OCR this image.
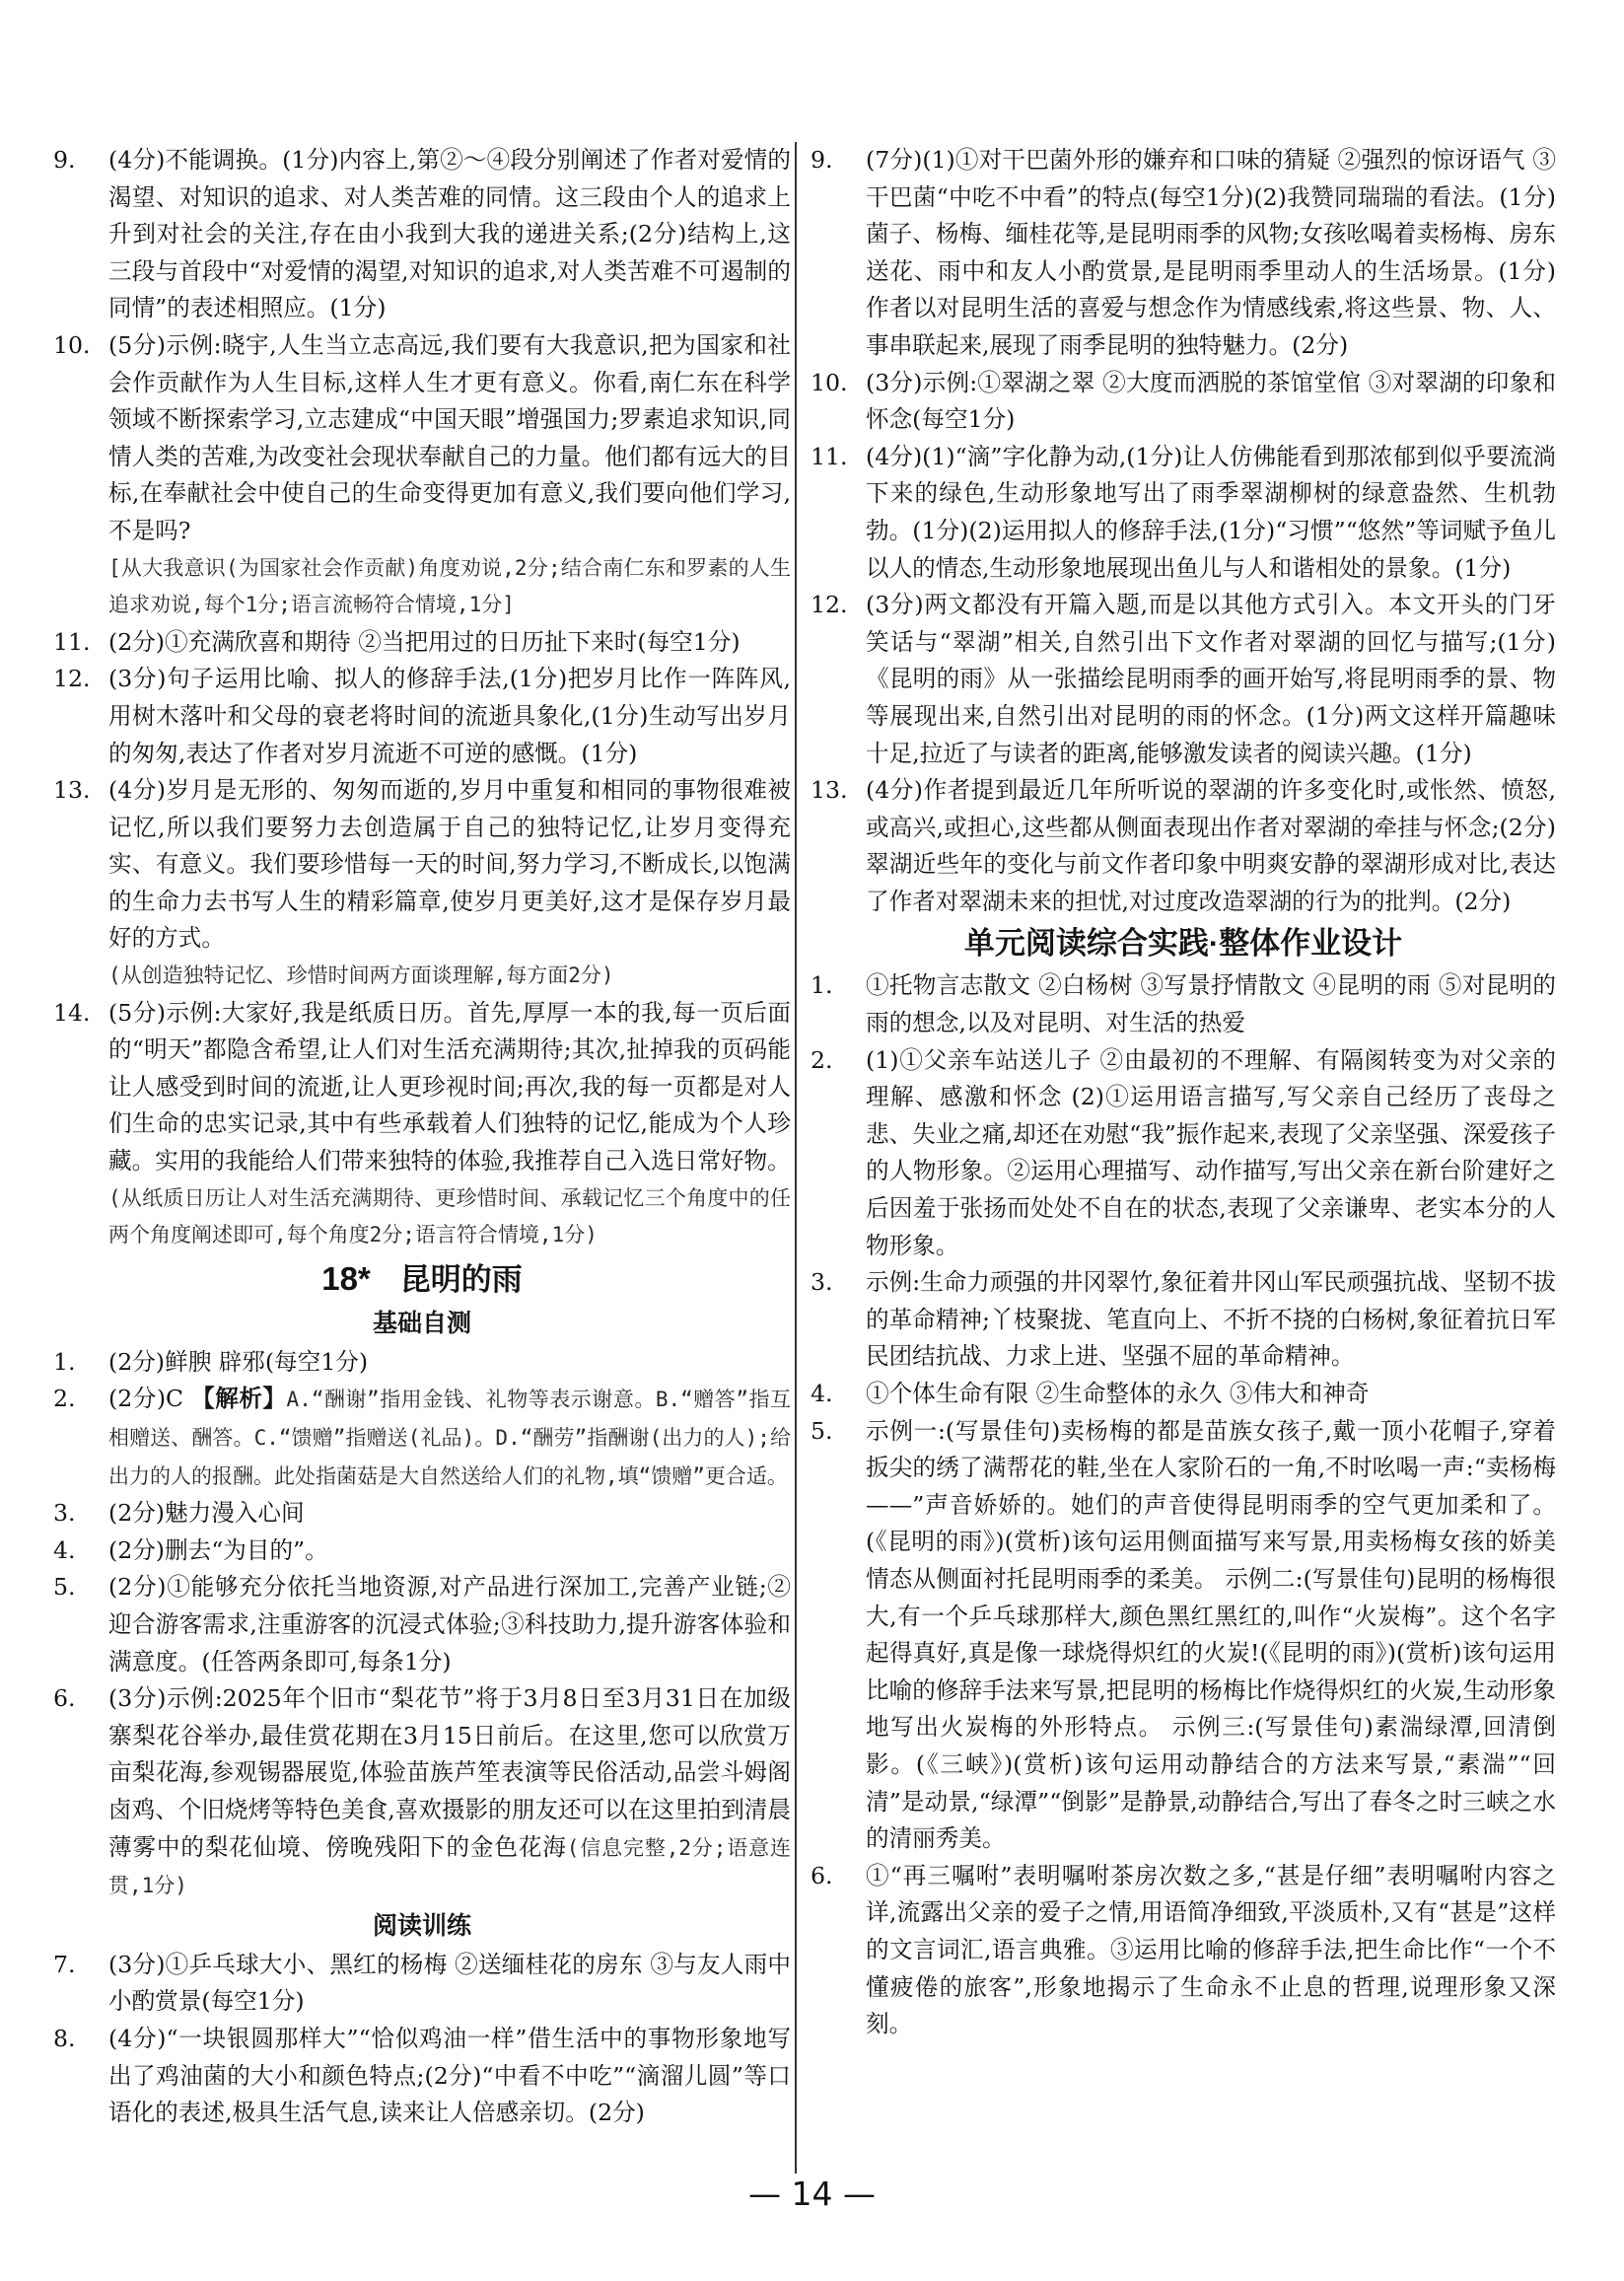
9. (4分)不能调换。(1分)内容上,第②～④段分别阐述了作者对爱情的渴望、对知识的追求、对人类苦难的同情。这三段由个人的追求上升到对社会的关注,存在由小我到大我的递进关系;(2分)结构上,这三段与首段中“对爱情的渴望,对知识的追求,对人类苦难不可遏制的同情”的表述相照应。(1分)

10. (5分)示例:晓宇,人生当立志高远,我们要有大我意识,把为国家和社会作贡献作为人生目标,这样人生才更有意义。你看,南仁东在科学领域不断探索学习,立志建成“中国天眼”增强国力;罗素追求知识,同情人类的苦难,为改变社会现状奉献自己的力量。他们都有远大的目标,在奉献社会中使自己的生命变得更加有意义,我们要向他们学习,不是吗?

[从大我意识(为国家社会作贡献)角度劝说,2分;结合南仁东和罗素的人生追求劝说,每个1分;语言流畅符合情境,1分]

11. (2分)①充满欣喜和期待 ②当把用过的日历扯下来时(每空1分)

12. (3分)句子运用比喻、拟人的修辞手法,(1分)把岁月比作一阵阵风,用树木落叶和父母的衰老将时间的流逝具象化,(1分)生动写出岁月的匆匆,表达了作者对岁月流逝不可逆的感慨。(1分)

13. (4分)岁月是无形的、匆匆而逝的,岁月中重复和相同的事物很难被记忆,所以我们要努力去创造属于自己的独特记忆,让岁月变得充实、有意义。我们要珍惜每一天的时间,努力学习,不断成长,以饱满的生命力去书写人生的精彩篇章,使岁月更美好,这才是保存岁月最好的方式。

(从创造独特记忆、珍惜时间两方面谈理解,每方面2分)

14. (5分)示例:大家好,我是纸质日历。首先,厚厚一本的我,每一页后面的“明天”都隐含希望,让人们对生活充满期待;其次,扯掉我的页码能让人感受到时间的流逝,让人更珍视时间;再次,我的每一页都是对人们生命的忠实记录,其中有些承载着人们独特的记忆,能成为个人珍藏。实用的我能给人们带来独特的体验,我推荐自己入选日常好物。

(从纸质日历让人对生活充满期待、更珍惜时间、承载记忆三个角度中的任两个角度阐述即可,每个角度2分;语言符合情境,1分)

18* 昆明的雨
基础自测
1. (2分)鲜腴 辟邪(每空1分)

2. (2分)C 【解析】A.“酬谢”指用金钱、礼物等表示谢意。B.“赠答”指互相赠送、酬答。C.“馈赠”指赠送(礼品)。D.“酬劳”指酬谢(出力的人);给出力的人的报酬。此处指菌菇是大自然送给人们的礼物,填“馈赠”更合适。

3. (2分)魅力漫入心间

4. (2分)删去“为目的”。

5. (2分)①能够充分依托当地资源,对产品进行深加工,完善产业链;②迎合游客需求,注重游客的沉浸式体验;③科技助力,提升游客体验和满意度。(任答两条即可,每条1分)

6. (3分)示例:2025年个旧市“梨花节”将于3月8日至3月31日在加级寨梨花谷举办,最佳赏花期在3月15日前后。在这里,您可以欣赏万亩梨花海,参观锡器展览,体验苗族芦笙表演等民俗活动,品尝斗姆阁卤鸡、个旧烧烤等特色美食,喜欢摄影的朋友还可以在这里拍到清晨薄雾中的梨花仙境、傍晚残阳下的金色花海(信息完整,2分;语意连贯,1分)

阅读训练
7. (3分)①乒乓球大小、黑红的杨梅 ②送缅桂花的房东 ③与友人雨中小酌赏景(每空1分)

8. (4分)“一块银圆那样大”“恰似鸡油一样”借生活中的事物形象地写出了鸡油菌的大小和颜色特点;(2分)“中看不中吃”“滴溜儿圆”等口语化的表述,极具生活气息,读来让人倍感亲切。(2分)

9. (7分)(1)①对干巴菌外形的嫌弃和口味的猜疑 ②强烈的惊讶语气 ③干巴菌“中吃不中看”的特点(每空1分)(2)我赞同瑞瑞的看法。(1分)菌子、杨梅、缅桂花等,是昆明雨季的风物;女孩吆喝着卖杨梅、房东送花、雨中和友人小酌赏景,是昆明雨季里动人的生活场景。(1分)作者以对昆明生活的喜爱与想念作为情感线索,将这些景、物、人、事串联起来,展现了雨季昆明的独特魅力。(2分)

10. (3分)示例:①翠湖之翠 ②大度而洒脱的茶馆堂倌 ③对翠湖的印象和怀念(每空1分)

11. (4分)(1)“滴”字化静为动,(1分)让人仿佛能看到那浓郁到似乎要流淌下来的绿色,生动形象地写出了雨季翠湖柳树的绿意盎然、生机勃勃。(1分)(2)运用拟人的修辞手法,(1分)“习惯”“悠然”等词赋予鱼儿以人的情态,生动形象地展现出鱼儿与人和谐相处的景象。(1分)

12. (3分)两文都没有开篇入题,而是以其他方式引入。本文开头的门牙笑话与“翠湖”相关,自然引出下文作者对翠湖的回忆与描写;(1分)《昆明的雨》从一张描绘昆明雨季的画开始写,将昆明雨季的景、物等展现出来,自然引出对昆明的雨的怀念。(1分)两文这样开篇趣味十足,拉近了与读者的距离,能够激发读者的阅读兴趣。(1分)

13. (4分)作者提到最近几年所听说的翠湖的许多变化时,或怅然、愤怒,或高兴,或担心,这些都从侧面表现出作者对翠湖的牵挂与怀念;(2分)翠湖近些年的变化与前文作者印象中明爽安静的翠湖形成对比,表达了作者对翠湖未来的担忧,对过度改造翠湖的行为的批判。(2分)

单元阅读综合实践·整体作业设计
1. ①托物言志散文 ②白杨树 ③写景抒情散文 ④昆明的雨 ⑤对昆明的雨的想念,以及对昆明、对生活的热爱

2. (1)①父亲车站送儿子 ②由最初的不理解、有隔阂转变为对父亲的理解、感激和怀念 (2)①运用语言描写,写父亲自己经历了丧母之悲、失业之痛,却还在劝慰“我”振作起来,表现了父亲坚强、深爱孩子的人物形象。②运用心理描写、动作描写,写出父亲在新台阶建好之后因羞于张扬而处处不自在的状态,表现了父亲谦卑、老实本分的人物形象。

3. 示例:生命力顽强的井冈翠竹,象征着井冈山军民顽强抗战、坚韧不拔的革命精神;丫枝聚拢、笔直向上、不折不挠的白杨树,象征着抗日军民团结抗战、力求上进、坚强不屈的革命精神。

4. ①个体生命有限 ②生命整体的永久 ③伟大和神奇

5. 示例一:(写景佳句)卖杨梅的都是苗族女孩子,戴一顶小花帽子,穿着扳尖的绣了满帮花的鞋,坐在人家阶石的一角,不时吆喝一声:“卖杨梅——”声音娇娇的。她们的声音使得昆明雨季的空气更加柔和了。(《昆明的雨》)(赏析)该句运用侧面描写来写景,用卖杨梅女孩的娇美情态从侧面衬托昆明雨季的柔美。 示例二:(写景佳句)昆明的杨梅很大,有一个乒乓球那样大,颜色黑红黑红的,叫作“火炭梅”。这个名字起得真好,真是像一球烧得炽红的火炭!(《昆明的雨》)(赏析)该句运用比喻的修辞手法来写景,把昆明的杨梅比作烧得炽红的火炭,生动形象地写出火炭梅的外形特点。 示例三:(写景佳句)素湍绿潭,回清倒影。(《三峡》)(赏析)该句运用动静结合的方法来写景,“素湍”“回清”是动景,“绿潭”“倒影”是静景,动静结合,写出了春冬之时三峡之水的清丽秀美。

6. ①“再三嘱咐”表明嘱咐茶房次数之多,“甚是仔细”表明嘱咐内容之详,流露出父亲的爱子之情,用语简净细致,平淡质朴,又有“甚是”这样的文言词汇,语言典雅。③运用比喻的修辞手法,把生命比作“一个不懂疲倦的旅客”,形象地揭示了生命永不止息的哲理,说理形象又深刻。

— 14 —
